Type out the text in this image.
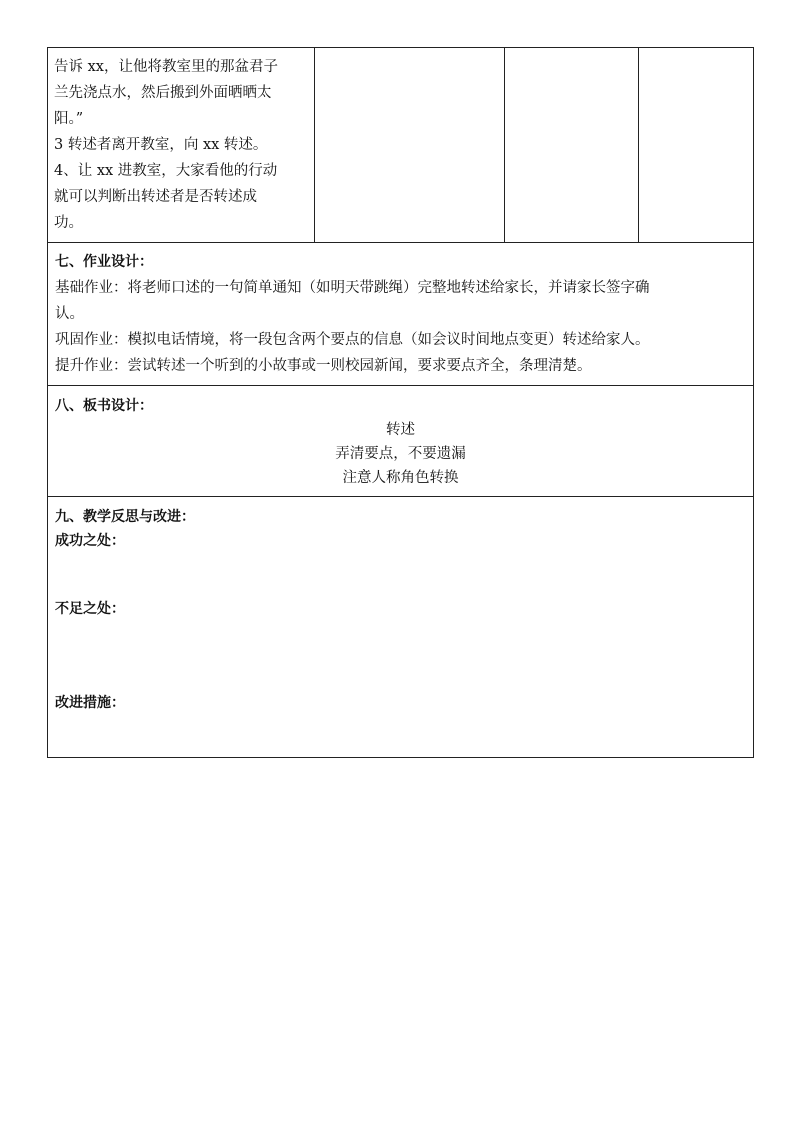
告诉 xx，让他将教室里的那盆君子

兰先浇点水，然后搬到外面晒晒太

阳。”

3 转述者离开教室，向 xx 转述。

4、让 xx 进教室，大家看他的行动

就可以判断出转述者是否转述成

功。

七、作业设计：

基础作业：将老师口述的一句简单通知（如明天带跳绳）完整地转述给家长，并请家长签字确

认。

巩固作业：模拟电话情境，将一段包含两个要点的信息（如会议时间地点变更）转述给家人。

提升作业：尝试转述一个听到的小故事或一则校园新闻，要求要点齐全，条理清楚。

八、板书设计：

转述

弄清要点，不要遗漏

注意人称角色转换

九、教学反思与改进：

成功之处：

不足之处：

改进措施：
